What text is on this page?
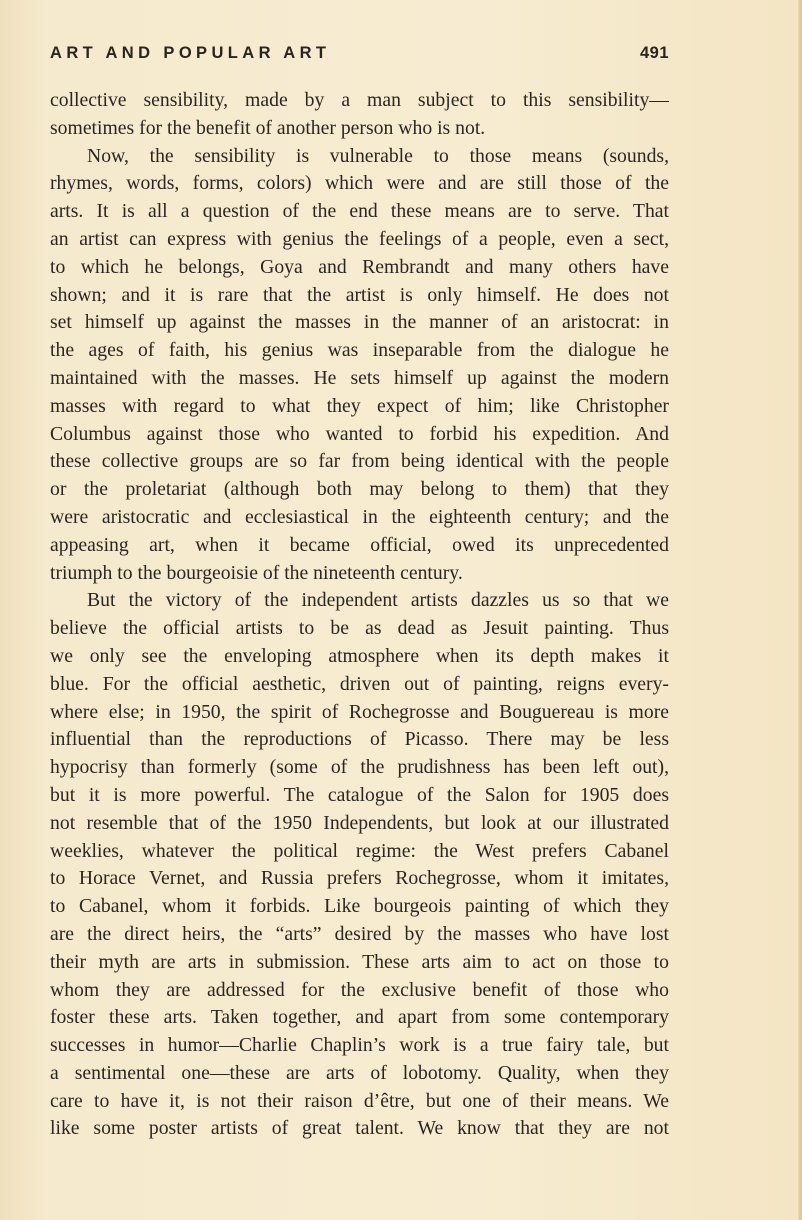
ART AND POPULAR ART	491
collective sensibility, made by a man subject to this sensibility—
sometimes for the benefit of another person who is not.
Now, the sensibility is vulnerable to those means (sounds,
rhymes, words, forms, colors) which were and are still those of the
arts. It is all a question of the end these means are to serve. That
an artist can express with genius the feelings of a people, even a sect,
to which he belongs, Goya and Rembrandt and many others have
shown; and it is rare that the artist is only himself. He does not
set himself up against the masses in the manner of an aristocrat: in
the ages of faith, his genius was inseparable from the dialogue he
maintained with the masses. He sets himself up against the modern
masses with regard to what they expect of him; like Christopher
Columbus against those who wanted to forbid his expedition. And
these collective groups are so far from being identical with the people
or the proletariat (although both may belong to them) that they
were aristocratic and ecclesiastical in the eighteenth century; and the
appeasing art, when it became official, owed its unprecedented
triumph to the bourgeoisie of the nineteenth century.
But the victory of the independent artists dazzles us so that we
believe the official artists to be as dead as Jesuit painting. Thus
we only see the enveloping atmosphere when its depth makes it
blue. For the official aesthetic, driven out of painting, reigns every-
where else; in 1950, the spirit of Rochegrosse and Bouguereau is more
influential than the reproductions of Picasso. There may be less
hypocrisy than formerly (some of the prudishness has been left out),
but it is more powerful. The catalogue of the Salon for 1905 does
not resemble that of the 1950 Independents, but look at our illustrated
weeklies, whatever the political regime: the West prefers Cabanel
to Horace Vernet, and Russia prefers Rochegrosse, whom it imitates,
to Cabanel, whom it forbids. Like bourgeois painting of which they
are the direct heirs, the “arts” desired by the masses who have lost
their myth are arts in submission. These arts aim to act on those to
whom they are addressed for the exclusive benefit of those who
foster these arts. Taken together, and apart from some contemporary
successes in humor—Charlie Chaplin’s work is a true fairy tale, but
a sentimental one—these are arts of lobotomy. Quality, when they
care to have it, is not their raison d’être, but one of their means. We
like some poster artists of great talent. We know that they are not
